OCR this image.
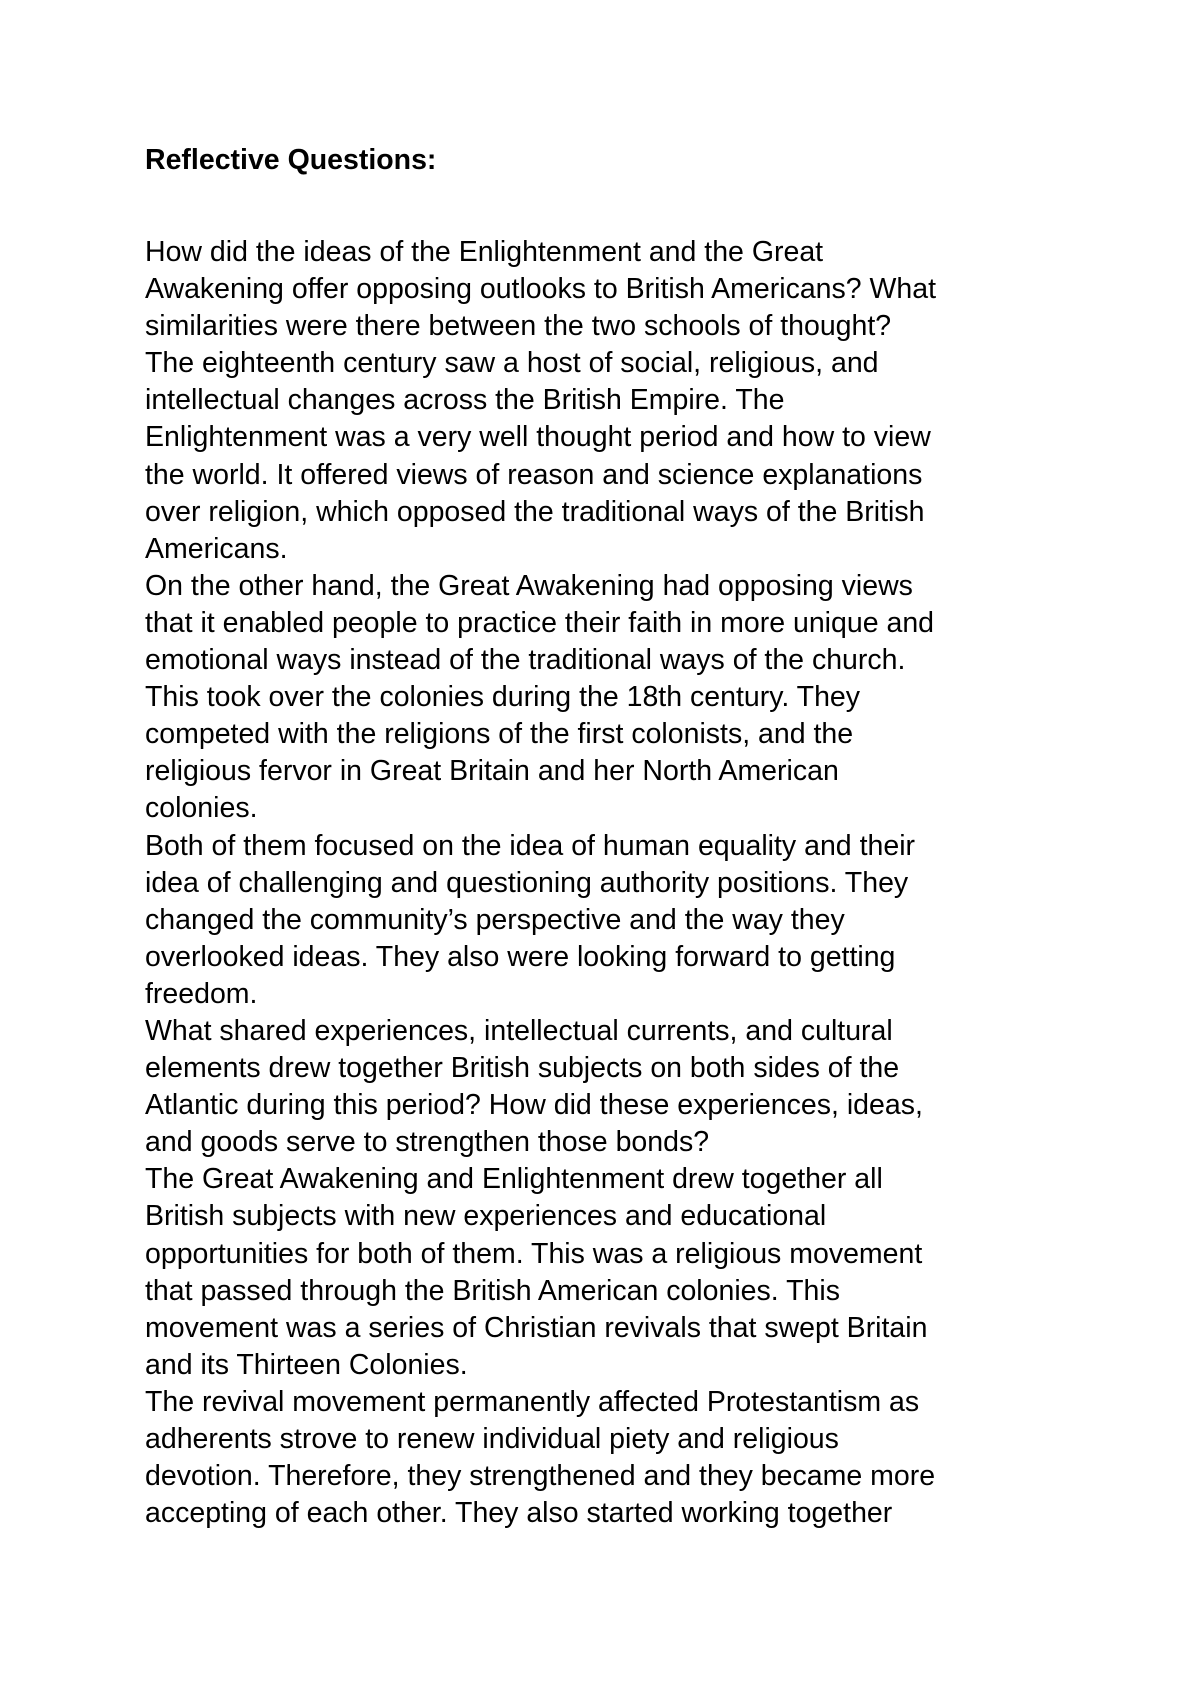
Reflective Questions:
How did the ideas of the Enlightenment and the Great
Awakening offer opposing outlooks to British Americans? What
similarities were there between the two schools of thought?
The eighteenth century saw a host of social, religious, and
intellectual changes across the British Empire. The
Enlightenment was a very well thought period and how to view
the world. It offered views of reason and science explanations
over religion, which opposed the traditional ways of the British
Americans.
On the other hand, the Great Awakening had opposing views
that it enabled people to practice their faith in more unique and
emotional ways instead of the traditional ways of the church.
This took over the colonies during the 18th century. They
competed with the religions of the first colonists, and the
religious fervor in Great Britain and her North American
colonies.
Both of them focused on the idea of human equality and their
idea of challenging and questioning authority positions. They
changed the community’s perspective and the way they
overlooked ideas. They also were looking forward to getting
freedom.
What shared experiences, intellectual currents, and cultural
elements drew together British subjects on both sides of the
Atlantic during this period? How did these experiences, ideas,
and goods serve to strengthen those bonds?
The Great Awakening and Enlightenment drew together all
British subjects with new experiences and educational
opportunities for both of them. This was a religious movement
that passed through the British American colonies. This
movement was a series of Christian revivals that swept Britain
and its Thirteen Colonies.
The revival movement permanently affected Protestantism as
adherents strove to renew individual piety and religious
devotion. Therefore, they strengthened and they became more
accepting of each other. They also started working together
